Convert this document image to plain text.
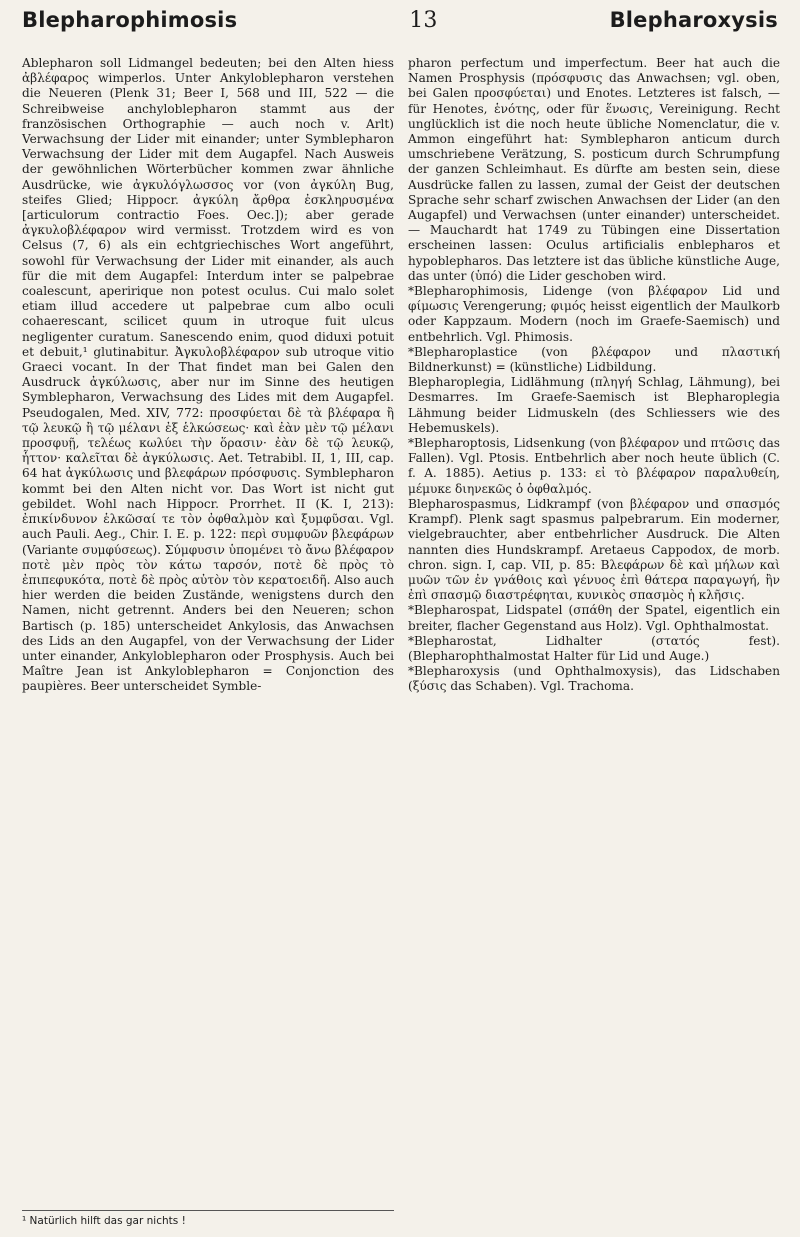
Blepharophimosis	13	Blepharoxysis

Ablepharon soll Lidmangel bedeuten; bei den Alten hiess ἀβλέφαρος wimperlos. Unter Ankyloblepharon verstehen die Neueren (Plenk 31; Beer I, 568 und III, 522 — die Schreibweise anchyloblepharon stammt aus der französischen Orthographie — auch noch v. Arlt) Verwachsung der Lider mit einander; unter Symblepharon Verwachsung der Lider mit dem Augapfel. Nach Ausweis der gewöhnlichen Wörterbücher kommen zwar ähnliche Ausdrücke, wie ἀγκυλόγλωσσος vor (von ἀγκύλη Bug, steifes Glied; Hippocr. ἀγκύλη ἄρθρα ἐσκληρυσμένα [articulorum contractio Foes. Oec.]); aber gerade ἀγκυλοβλέφαρον wird vermisst. Trotzdem wird es von Celsus (7, 6) als ein echtgriechisches Wort angeführt, sowohl für Verwachsung der Lider mit einander, als auch für die mit dem Augapfel: Interdum inter se palpebrae coalescunt, aperirique non potest oculus. Cui malo solet etiam illud accedere ut palpebrae cum albo oculi cohaerescant, scilicet quum in utroque fuit ulcus negligenter curatum. Sanescendo enim, quod diduxi potuit et debuit,¹ glutinabitur. Ἀγκυλοβλέφαρον sub utroque vitio Graeci vocant. In der That findet man bei Galen den Ausdruck ἀγκύλωσις, aber nur im Sinne des heutigen Symblepharon, Verwachsung des Lides mit dem Augapfel. Pseudogalen, Med. XIV, 772: προσφύεται δὲ τὰ βλέφαρα ἢ τῷ λευκῷ ἢ τῷ μέλανι ἐξ ἑλκώσεως· καὶ ἐὰν μὲν τῷ μέλανι προσφυῇ, τελέως κωλύει τὴν ὅρασιν· ἐὰν δὲ τῷ λευκῷ, ἧττον· καλεῖται δὲ ἀγκύλωσις. Aet. Tetrabibl. II, 1, III, cap. 64 hat ἀγκύλωσις und βλεφάρων πρόσφυσις. Symblepharon kommt bei den Alten nicht vor. Das Wort ist nicht gut gebildet. Wohl nach Hippocr. Prorrhet. II (K. I, 213): ἐπικίνδυνον ἑλκῶσαί τε τὸν ὀφθαλμὸν καὶ ξυμφῦσαι. Vgl. auch Pauli. Aeg., Chir. I. E. p. 122: περὶ συμφυῶν βλεφάρων (Variante συμφύσεως). Σύμφυσιν ὑπομένει τὸ ἄνω βλέφαρον ποτὲ μὲν πρὸς τὸν κάτω ταρσόν, ποτὲ δὲ πρὸς τὸ ἐπιπεφυκότα, ποτὲ δὲ πρὸς αὐτὸν τὸν κερατοειδῆ. Also auch hier werden die beiden Zustände, wenigstens durch den Namen, nicht getrennt. Anders bei den Neueren; schon Bartisch (p. 185) unterscheidet Ankylosis, das Anwachsen des Lids an den Augapfel, von der Verwachsung der Lider unter einander, Ankyloblepharon oder Prosphysis. Auch bei Maître Jean ist Ankyloblepharon = Conjonction des paupières. Beer unterscheidet Symble-

pharon perfectum und imperfectum. Beer hat auch die Namen Prosphysis (πρόσφυσις das Anwachsen; vgl. oben, bei Galen προσφύεται) und Enotes. Letzteres ist falsch, — für Henotes, ἑνότης, oder für ἕνωσις, Vereinigung. Recht unglücklich ist die noch heute übliche Nomenclatur, die v. Ammon eingeführt hat: Symblepharon anticum durch umschriebene Verätzung, S. posticum durch Schrumpfung der ganzen Schleimhaut. Es dürfte am besten sein, diese Ausdrücke fallen zu lassen, zumal der Geist der deutschen Sprache sehr scharf zwischen Anwachsen der Lider (an den Augapfel) und Verwachsen (unter einander) unterscheidet. — Mauchardt hat 1749 zu Tübingen eine Dissertation erscheinen lassen: Oculus artificialis enblepharos et hypoblepharos. Das letztere ist das übliche künstliche Auge, das unter (ὑπό) die Lider geschoben wird.

*Blepharophimosis, Lidenge (von βλέφαρον Lid und φίμωσις Verengerung; φιμός heisst eigentlich der Maulkorb oder Kappzaum. Modern (noch im Graefe-Saemisch) und entbehrlich. Vgl. Phimosis.

*Blepharoplastice (von βλέφαρον und πλαστική Bildnerkunst) = (künstliche) Lidbildung.

Blepharoplegia, Lidlähmung (πληγή Schlag, Lähmung), bei Desmarres. Im Graefe-Saemisch ist Blepharoplegia Lähmung beider Lidmuskeln (des Schliessers wie des Hebemuskels).

*Blepharoptosis, Lidsenkung (von βλέφαρον und πτῶσις das Fallen). Vgl. Ptosis. Entbehrlich aber noch heute üblich (C. f. A. 1885). Aetius p. 133: εἰ τὸ βλέφαρον παραλυθείη, μέμυκε διηνεκῶς ὁ ὀφθαλμός.

Blepharospasmus, Lidkrampf (von βλέφαρον und σπασμός Krampf). Plenk sagt spasmus palpebrarum. Ein moderner, vielgebrauchter, aber entbehrlicher Ausdruck. Die Alten nannten dies Hundskrampf. Aretaeus Cappodox, de morb. chron. sign. I, cap. VII, p. 85: Βλεφάρων δὲ καὶ μήλων καὶ μυῶν τῶν ἐν γνάθοις καὶ γένυος ἐπὶ θάτερα παραγωγή, ἢν ἐπὶ σπασμῷ διαστρέφηται, κυνικὸς σπασμὸς ἡ κλῆσις.

*Blepharospat, Lidspatel (σπάθη der Spatel, eigentlich ein breiter, flacher Gegenstand aus Holz). Vgl. Ophthalmostat.

*Blepharostat, Lidhalter (στατός fest). (Blepharophthalmostat Halter für Lid und Auge.)

*Blepharoxysis (und Ophthalmoxysis), das Lidschaben (ξύσις das Schaben). Vgl. Trachoma.

¹ Natürlich hilft das gar nichts !
